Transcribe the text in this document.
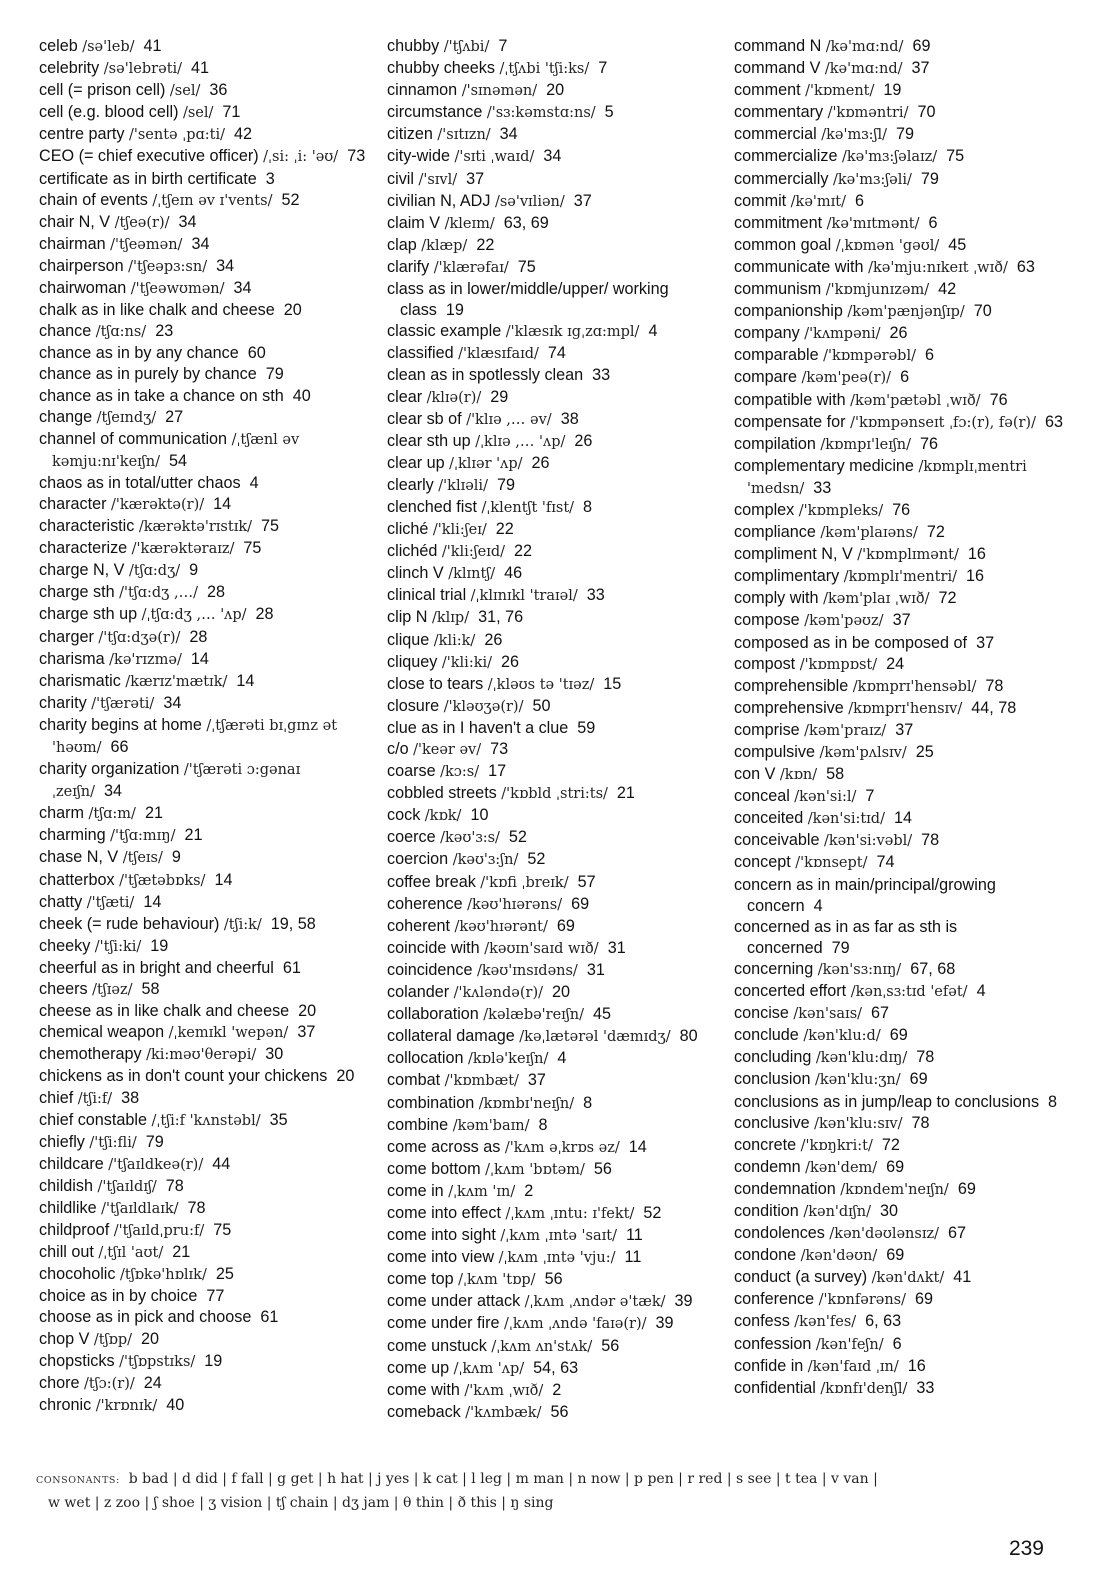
celeb /sə'leb/ 41
celebrity /sə'lebrəti/ 41
cell (= prison cell) /sel/ 36
cell (e.g. blood cell) /sel/ 71
centre party /'sentə ˌpɑ:ti/ 42
CEO (= chief executive officer) /ˌsi: ˌi: 'əʊ/ 73
certificate as in birth certificate 3
chain of events /ˌtʃeɪn əv ɪ'vents/ 52
chair N, V /tʃeə(r)/ 34
chairman /'tʃeəmən/ 34
chairperson /'tʃeəpɜ:sn/ 34
chairwoman /'tʃeəwʊmən/ 34
chalk as in like chalk and cheese 20
chance /tʃɑ:ns/ 23
chance as in by any chance 60
chance as in purely by chance 79
chance as in take a chance on sth 40
change /tʃeɪndʒ/ 27
channel of communication /ˌtʃænl əv kəmju:nɪ'keɪʃn/ 54
chaos as in total/utter chaos 4
character /'kærəktə(r)/ 14
characteristic /kærəktə'rɪstɪk/ 75
characterize /'kærəktəraɪz/ 75
charge N, V /tʃɑ:dʒ/ 9
charge sth /'tʃɑ:dʒ ,…/ 28
charge sth up /ˌtʃɑ:dʒ ,… 'ʌp/ 28
charger /'tʃɑ:dʒə(r)/ 28
charisma /kə'rɪzmə/ 14
charismatic /kærɪz'mætɪk/ 14
charity /'tʃærəti/ 34
charity begins at home /ˌtʃærəti bɪˌgɪnz ət 'həʊm/ 66
charity organization /'tʃærəti ɔ:gənaɪˌzeɪʃn/ 34
charm /tʃɑ:m/ 21
charming /'tʃɑ:mɪŋ/ 21
chase N, V /tʃeɪs/ 9
chatterbox /'tʃætəbɒks/ 14
chatty /'tʃæti/ 14
cheek (= rude behaviour) /tʃi:k/ 19, 58
cheeky /'tʃi:ki/ 19
cheerful as in bright and cheerful 61
cheers /tʃɪəz/ 58
cheese as in like chalk and cheese 20
chemical weapon /ˌkemɪkl 'wepən/ 37
chemotherapy /ki:məʊ'θerəpi/ 30
chickens as in don't count your chickens 20
chief /tʃi:f/ 38
chief constable /ˌtʃi:f 'kʌnstəbl/ 35
chiefly /'tʃi:fli/ 79
childcare /'tʃaɪldkeə(r)/ 44
childish /'tʃaɪldɪʃ/ 78
childlike /'tʃaɪldlaɪk/ 78
childproof /'tʃaɪldˌpru:f/ 75
chill out /ˌtʃɪl 'aʊt/ 21
chocoholic /tʃɒkə'hɒlɪk/ 25
choice as in by choice 77
choose as in pick and choose 61
chop V /tʃɒp/ 20
chopsticks /'tʃɒpstɪks/ 19
chore /tʃɔ:(r)/ 24
chronic /'krɒnɪk/ 40
chubby /'tʃʌbi/ 7
chubby cheeks /ˌtʃʌbi 'tʃi:ks/ 7
cinnamon /'sɪnəmən/ 20
circumstance /'sɜ:kəmstɑ:ns/ 5
citizen /'sɪtɪzn/ 34
city-wide /'sɪti ˌwaɪd/ 34
civil /'sɪvl/ 37
civilian N, ADJ /sə'vɪliən/ 37
claim V /kleɪm/ 63, 69
clap /klæp/ 22
clarify /'klærəfaɪ/ 75
class as in lower/middle/upper/ working class 19
classic example /'klæsɪk ɪgˌzɑ:mpl/ 4
classified /'klæsɪfaɪd/ 74
clean as in spotlessly clean 33
clear /klɪə(r)/ 29
clear sb of /'klɪə ,… əv/ 38
clear sth up /ˌklɪə ,… 'ʌp/ 26
clear up /ˌklɪər 'ʌp/ 26
clearly /'klɪəli/ 79
clenched fist /ˌklentʃt 'fɪst/ 8
cliché /'kli:ʃeɪ/ 22
clichéd /'kli:ʃeɪd/ 22
clinch V /klɪntʃ/ 46
clinical trial /ˌklɪnɪkl 'traɪəl/ 33
clip N /klɪp/ 31, 76
clique /kli:k/ 26
cliquey /'kli:ki/ 26
close to tears /ˌkləʊs tə 'tɪəz/ 15
closure /'kləʊʒə(r)/ 50
clue as in I haven't a clue 59
c/o /'keər əv/ 73
coarse /kɔ:s/ 17
cobbled streets /'kɒbld ˌstri:ts/ 21
cock /kɒk/ 10
coerce /kəʊ'ɜ:s/ 52
coercion /kəʊ'ɜ:ʃn/ 52
coffee break /'kɒfi ˌbreɪk/ 57
coherence /kəʊ'hɪərəns/ 69
coherent /kəʊ'hɪərənt/ 69
coincide with /kəʊɪn'saɪd wɪð/ 31
coincidence /kəʊ'ɪnsɪdəns/ 31
colander /'kʌləndə(r)/ 20
collaboration /kəlæbə'reɪʃn/ 45
collateral damage /kəˌlætərəl 'dæmɪdʒ/ 80
collocation /kɒlə'keɪʃn/ 4
combat /'kɒmbæt/ 37
combination /kɒmbɪ'neɪʃn/ 8
combine /kəm'baɪn/ 8
come across as /'kʌm əˌkrɒs əz/ 14
come bottom /ˌkʌm 'bɒtəm/ 56
come in /ˌkʌm 'ɪn/ 2
come into effect /ˌkʌm ˌɪntu: ɪ'fekt/ 52
come into sight /ˌkʌm ˌɪntə 'saɪt/ 11
come into view /ˌkʌm ˌɪntə 'vju:/ 11
come top /ˌkʌm 'tɒp/ 56
come under attack /ˌkʌm ˌʌndər ə'tæk/ 39
come under fire /ˌkʌm ˌʌndə 'faɪə(r)/ 39
come unstuck /ˌkʌm ʌn'stʌk/ 56
come up /ˌkʌm 'ʌp/ 54, 63
come with /'kʌm ˌwɪð/ 2
comeback /'kʌmbæk/ 56
command N /kə'mɑ:nd/ 69
command V /kə'mɑ:nd/ 37
comment /'kɒment/ 19
commentary /'kɒməntri/ 70
commercial /kə'mɜ:ʃl/ 79
commercialize /kə'mɜ:ʃəlaɪz/ 75
commercially /kə'mɜ:ʃəli/ 79
commit /kə'mɪt/ 6
commitment /kə'mɪtmənt/ 6
common goal /ˌkɒmən 'gəʊl/ 45
communicate with /kə'mju:nɪkeɪt ˌwɪð/ 63
communism /'kɒmjunɪzəm/ 42
companionship /kəm'pænjənʃɪp/ 70
company /'kʌmpəni/ 26
comparable /'kɒmpərəbl/ 6
compare /kəm'peə(r)/ 6
compatible with /kəm'pætəbl ˌwɪð/ 76
compensate for /'kɒmpənseɪt ˌfɔ:(r), fə(r)/ 63
compilation /kɒmpɪ'leɪʃn/ 76
complementary medicine /kɒmplɪˌmentri 'medsn/ 33
complex /'kɒmpleks/ 76
compliance /kəm'plaɪəns/ 72
compliment N, V /'kɒmplɪmənt/ 16
complimentary /kɒmplɪ'mentri/ 16
comply with /kəm'plaɪ ˌwɪð/ 72
compose /kəm'pəʊz/ 37
composed as in be composed of 37
compost /'kɒmpɒst/ 24
comprehensible /kɒmprɪ'hensəbl/ 78
comprehensive /kɒmprɪ'hensɪv/ 44, 78
comprise /kəm'praɪz/ 37
compulsive /kəm'pʌlsɪv/ 25
con V /kɒn/ 58
conceal /kən'si:l/ 7
conceited /kən'si:tɪd/ 14
conceivable /kən'si:vəbl/ 78
concept /'kɒnsept/ 74
concern as in main/principal/growing concern 4
concerned as in as far as sth is concerned 79
concerning /kən'sɜ:nɪŋ/ 67, 68
concerted effort /kənˌsɜ:tɪd 'efət/ 4
concise /kən'saɪs/ 67
conclude /kən'klu:d/ 69
concluding /kən'klu:dɪŋ/ 78
conclusion /kən'klu:ʒn/ 69
conclusions as in jump/leap to conclusions 8
conclusive /kən'klu:sɪv/ 78
concrete /'kɒŋkri:t/ 72
condemn /kən'dem/ 69
condemnation /kɒndem'neɪʃn/ 69
condition /kən'dɪʃn/ 30
condolences /kən'dəʊlənsɪz/ 67
condone /kən'dəʊn/ 69
conduct (a survey) /kən'dʌkt/ 41
conference /'kɒnfərəns/ 69
confess /kən'fes/ 6, 63
confession /kən'feʃn/ 6
confide in /kən'faɪd ˌɪn/ 16
confidential /kɒnfɪ'denʃl/ 33
CONSONANTS: b bad | d did | f fall | g get | h hat | j yes | k cat | l leg | m man | n now | p pen | r red | s see | t tea | v van |
w wet | z zoo | ʃ shoe | ʒ vision | tʃ chain | dʒ jam | θ thin | ð this | ŋ sing
239
